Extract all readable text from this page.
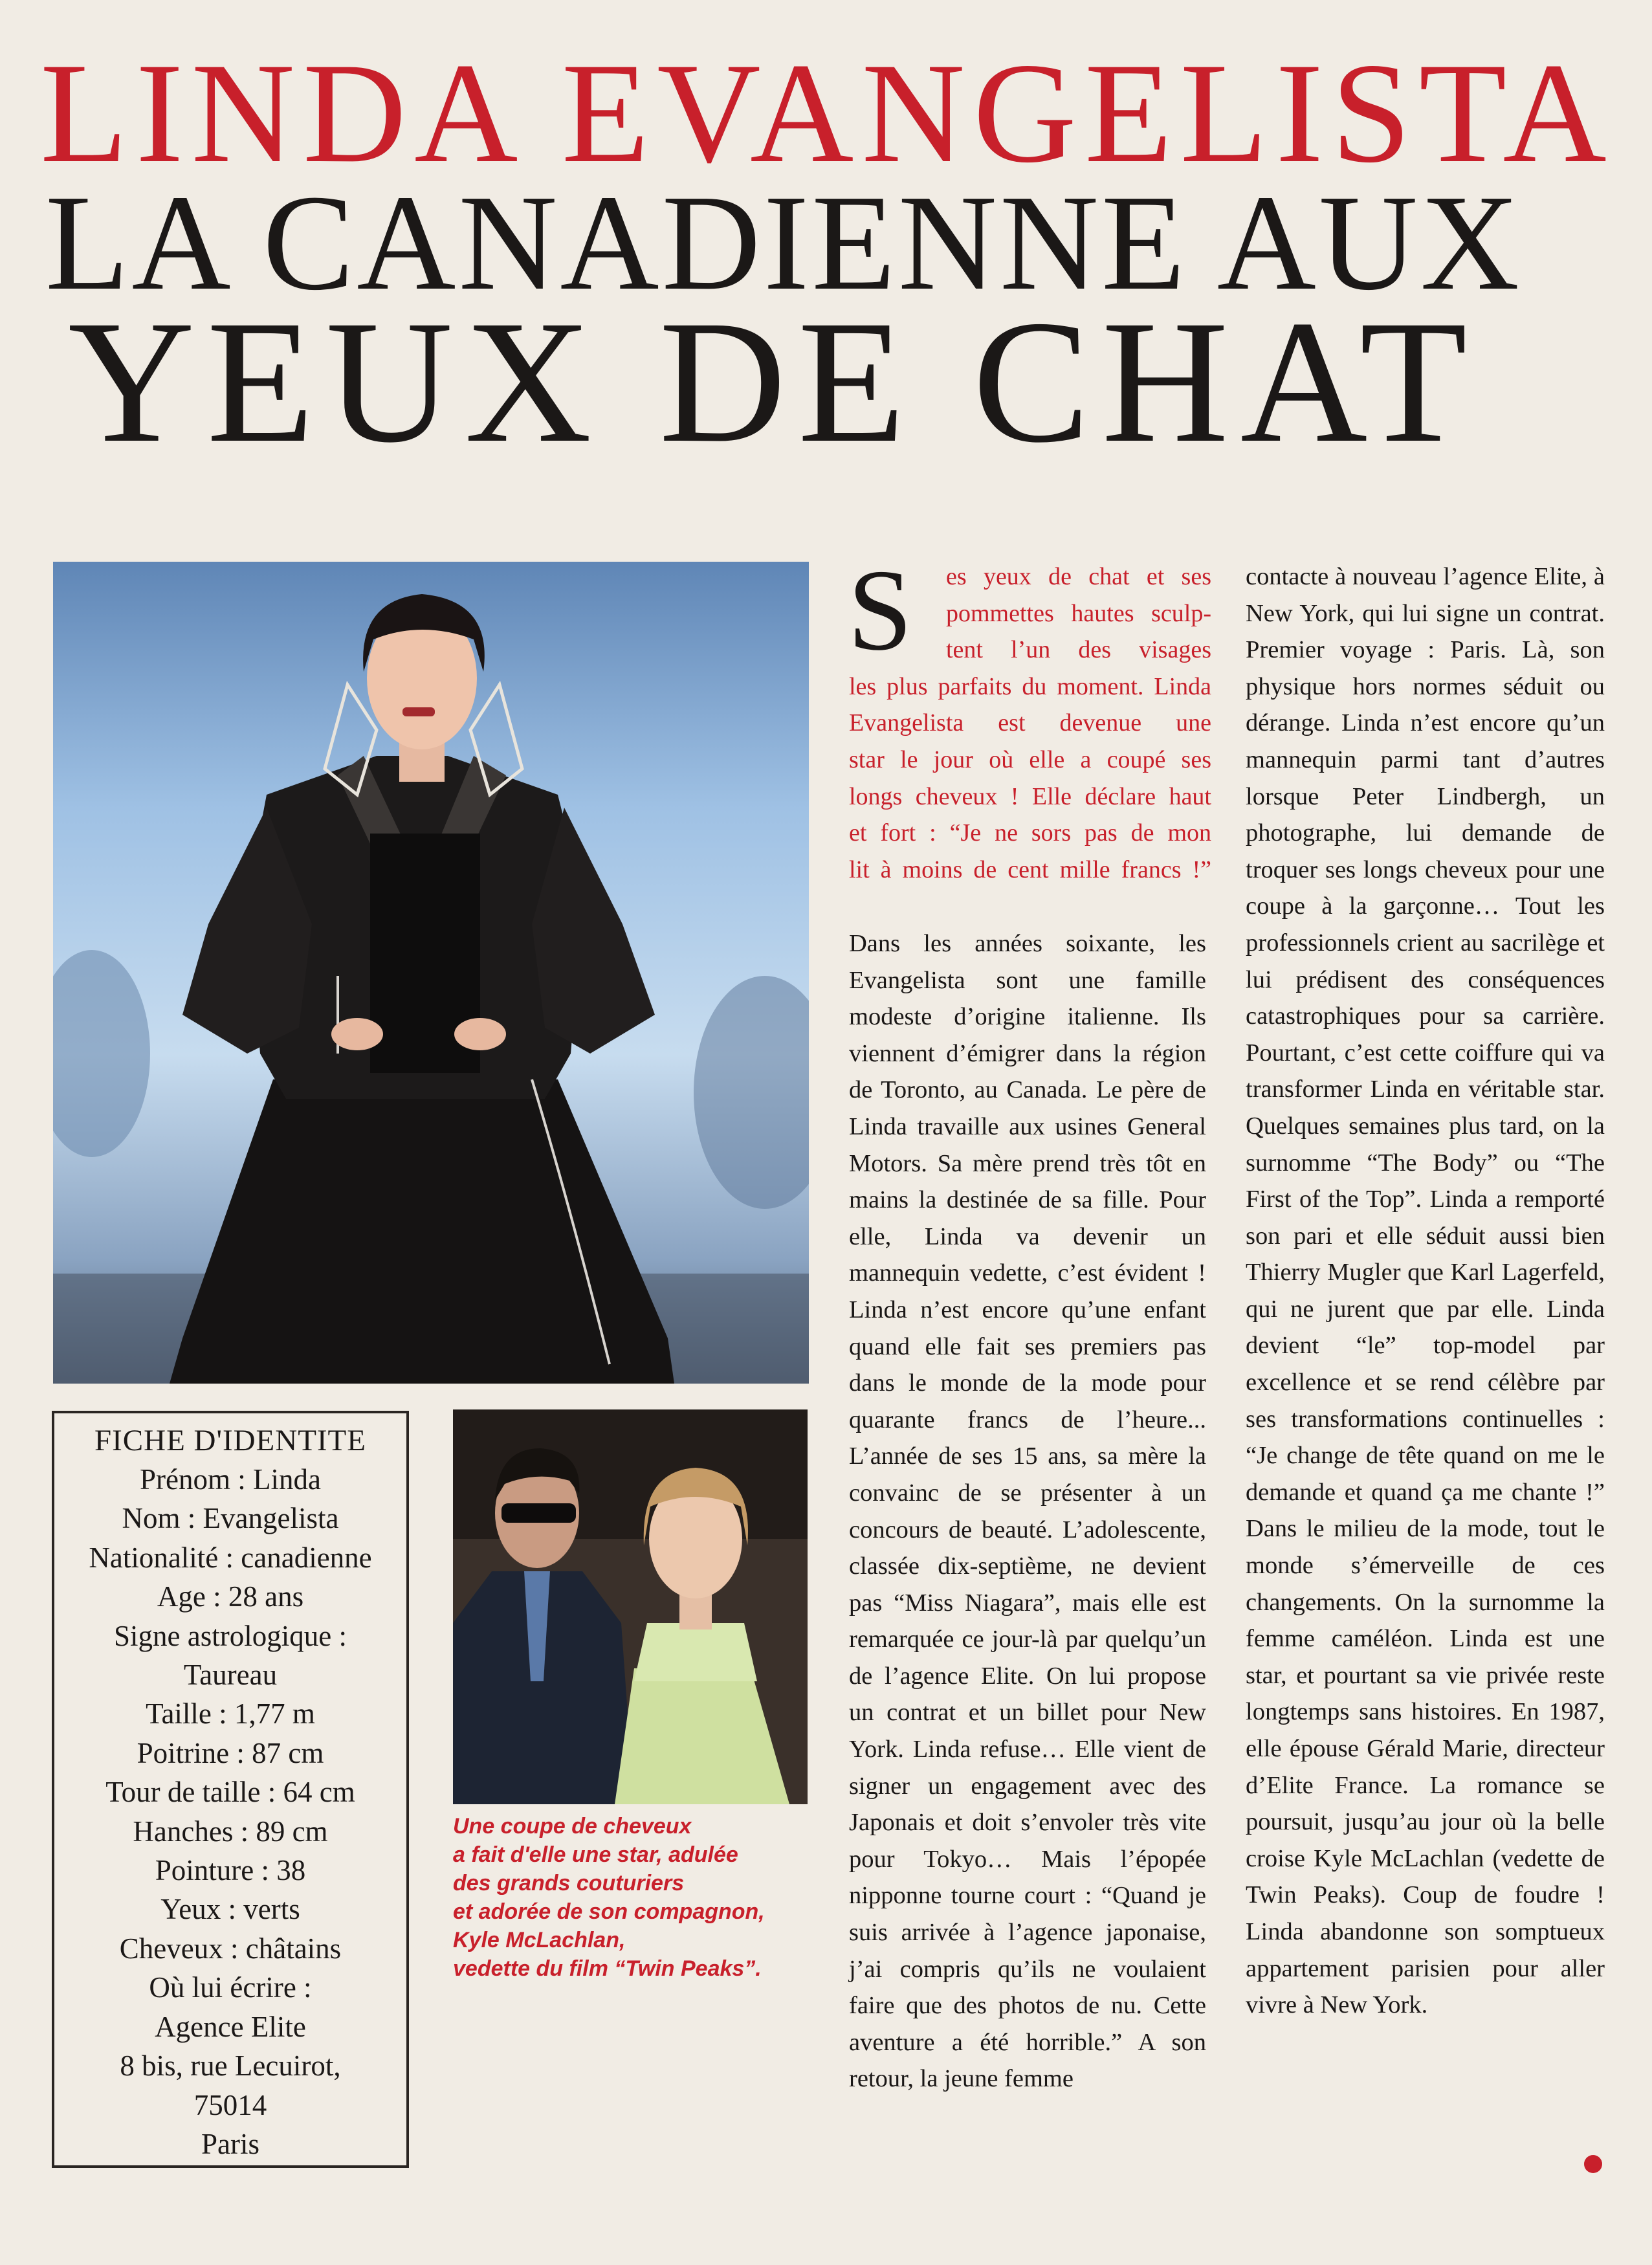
LINDA EVANGELISTA
LA CANADIENNE AUX
YEUX DE CHAT
FICHE D'IDENTITE
Prénom : Linda
Nom : Evangelista
Nationalité : canadienne
Age : 28 ans
Signe astrologique :
Taureau
Taille : 1,77 m
Poitrine : 87 cm
Tour de taille : 64 cm
Hanches : 89 cm
Pointure : 38
Yeux : verts
Cheveux : châtains
Où lui écrire :
Agence Elite
8 bis, rue Lecuirot,
75014
Paris
Une coupe de cheveux
a fait d'elle une star, adulée
des grands couturiers
et adorée de son compagnon,
Kyle McLachlan,
vedette du film “Twin Peaks”.
S	es yeux de chat et ses
pommettes hautes sculp-
tent l’un des visages
les plus parfaits du moment. Linda
Evangelista est devenue une
star le jour où elle a coupé ses
longs cheveux ! Elle déclare haut
et fort : “Je ne sors pas de mon
lit à moins de cent mille francs !”

Dans les années soixante, les Evangelista sont une famille modeste d’origine italienne. Ils viennent d’émigrer dans la région de Toronto, au Canada. Le père de Linda travaille aux usines General Motors. Sa mère prend très tôt en mains la destinée de sa fille. Pour elle, Linda va devenir un mannequin vedette, c’est évident ! Linda n’est encore qu’une enfant quand elle fait ses premiers pas dans le monde de la mode pour quarante francs de l’heure... L’année de ses 15 ans, sa mère la convainc de se présenter à un concours de beauté. L’adolescente, classée dix-septième, ne devient pas “Miss Niagara”, mais elle est remarquée ce jour-là par quelqu’un de l’agence Elite. On lui propose un contrat et un billet pour New York. Linda refuse… Elle vient de signer un engagement avec des Japonais et doit s’envoler très vite pour Tokyo… Mais l’épopée nipponne tourne court : “Quand je suis arrivée à l’agence japonaise, j’ai compris qu’ils ne voulaient faire que des photos de nu. Cette aventure a été horrible.” A son retour, la jeune femme

contacte à nouveau l’agence Elite, à New York, qui lui signe un contrat. Premier voyage : Paris. Là, son physique hors normes séduit ou dérange. Linda n’est encore qu’un mannequin parmi tant d’autres lorsque Peter Lindbergh, un photographe, lui demande de troquer ses longs cheveux pour une coupe à la garçonne… Tout les professionnels crient au sacrilège et lui prédisent des conséquences catastrophiques pour sa carrière. Pourtant, c’est cette coiffure qui va transformer Linda en véritable star. Quelques semaines plus tard, on la surnomme “The Body” ou “The First of the Top”. Linda a remporté son pari et elle séduit aussi bien Thierry Mugler que Karl Lagerfeld, qui ne jurent que par elle. Linda devient “le” top-model par excellence et se rend célèbre par ses transformations continuelles : “Je change de tête quand on me le demande et quand ça me chante !” Dans le milieu de la mode, tout le monde s’émerveille de ces changements. On la surnomme la femme caméléon. Linda est une star, et pourtant sa vie privée reste longtemps sans histoires. En 1987, elle épouse Gérald Marie, directeur d’Elite France. La romance se poursuit, jusqu’au jour où la belle croise Kyle McLachlan (vedette de Twin Peaks). Coup de foudre ! Linda abandonne son somptueux appartement parisien pour aller vivre à New York.
